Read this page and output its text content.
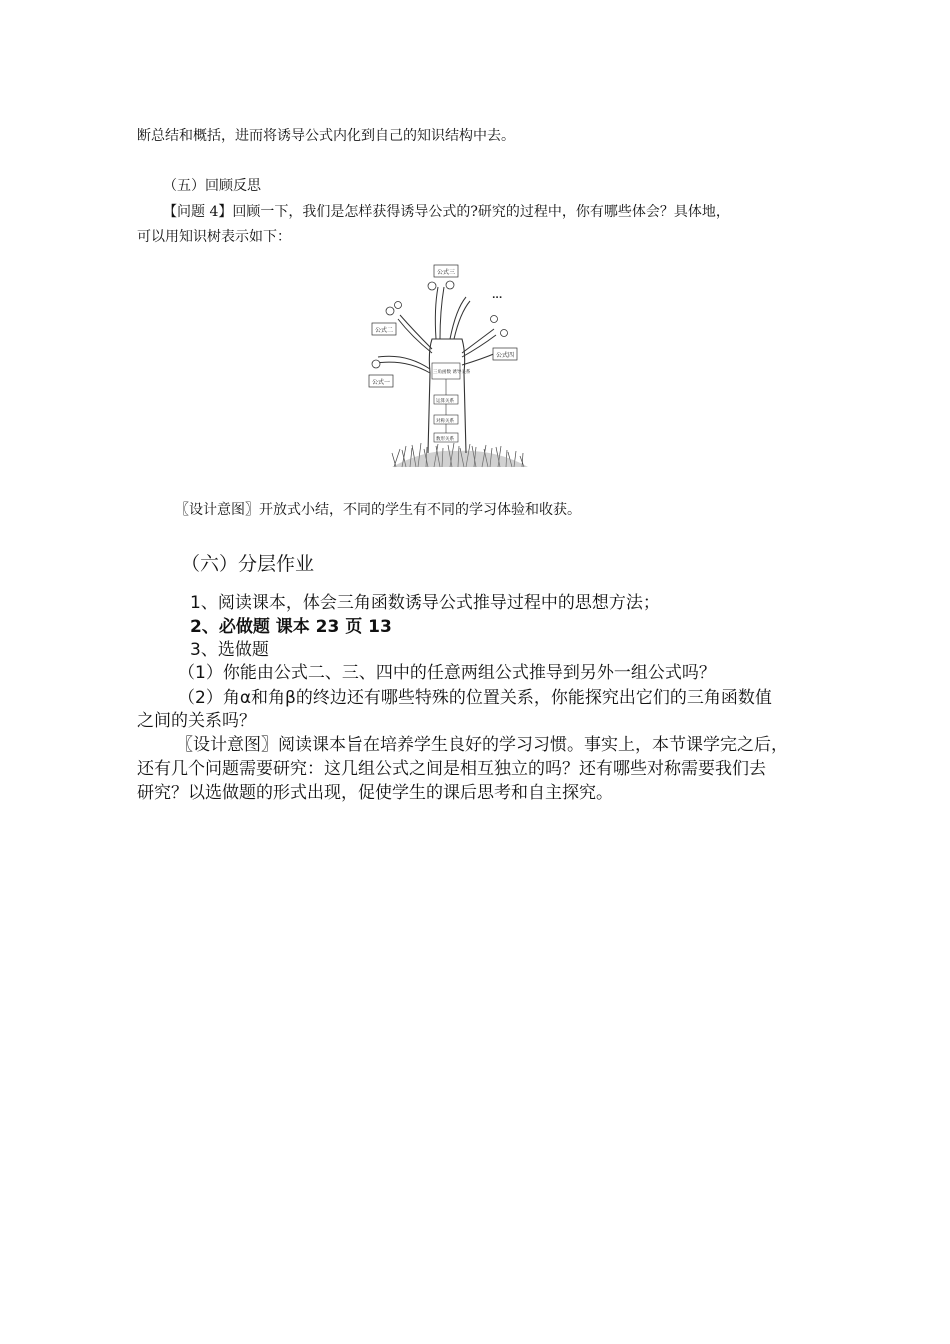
断总结和概括，进而将诱导公式内化到自己的知识结构中去。
（五）回顾反思
【问题 4】回顾一下，我们是怎样获得诱导公式的?研究的过程中，你有哪些体会？具体地，
可以用知识树表示如下：
公式一
公式二
公式三
公式四
...
三角函数 诱导关系
运算关系
对称关系
数形关系
〖设计意图〗开放式小结，不同的学生有不同的学习体验和收获。
（六）分层作业
1、阅读课本，体会三角函数诱导公式推导过程中的思想方法；
2、必做题 课本 23 页 13
3、选做题
（1）你能由公式二、三、四中的任意两组公式推导到另外一组公式吗？
（2）角α和角β的终边还有哪些特殊的位置关系，你能探究出它们的三角函数值
之间的关系吗？
〖设计意图〗阅读课本旨在培养学生良好的学习习惯。事实上，本节课学完之后，
还有几个问题需要研究：这几组公式之间是相互独立的吗？还有哪些对称需要我们去
研究？以选做题的形式出现，促使学生的课后思考和自主探究。
